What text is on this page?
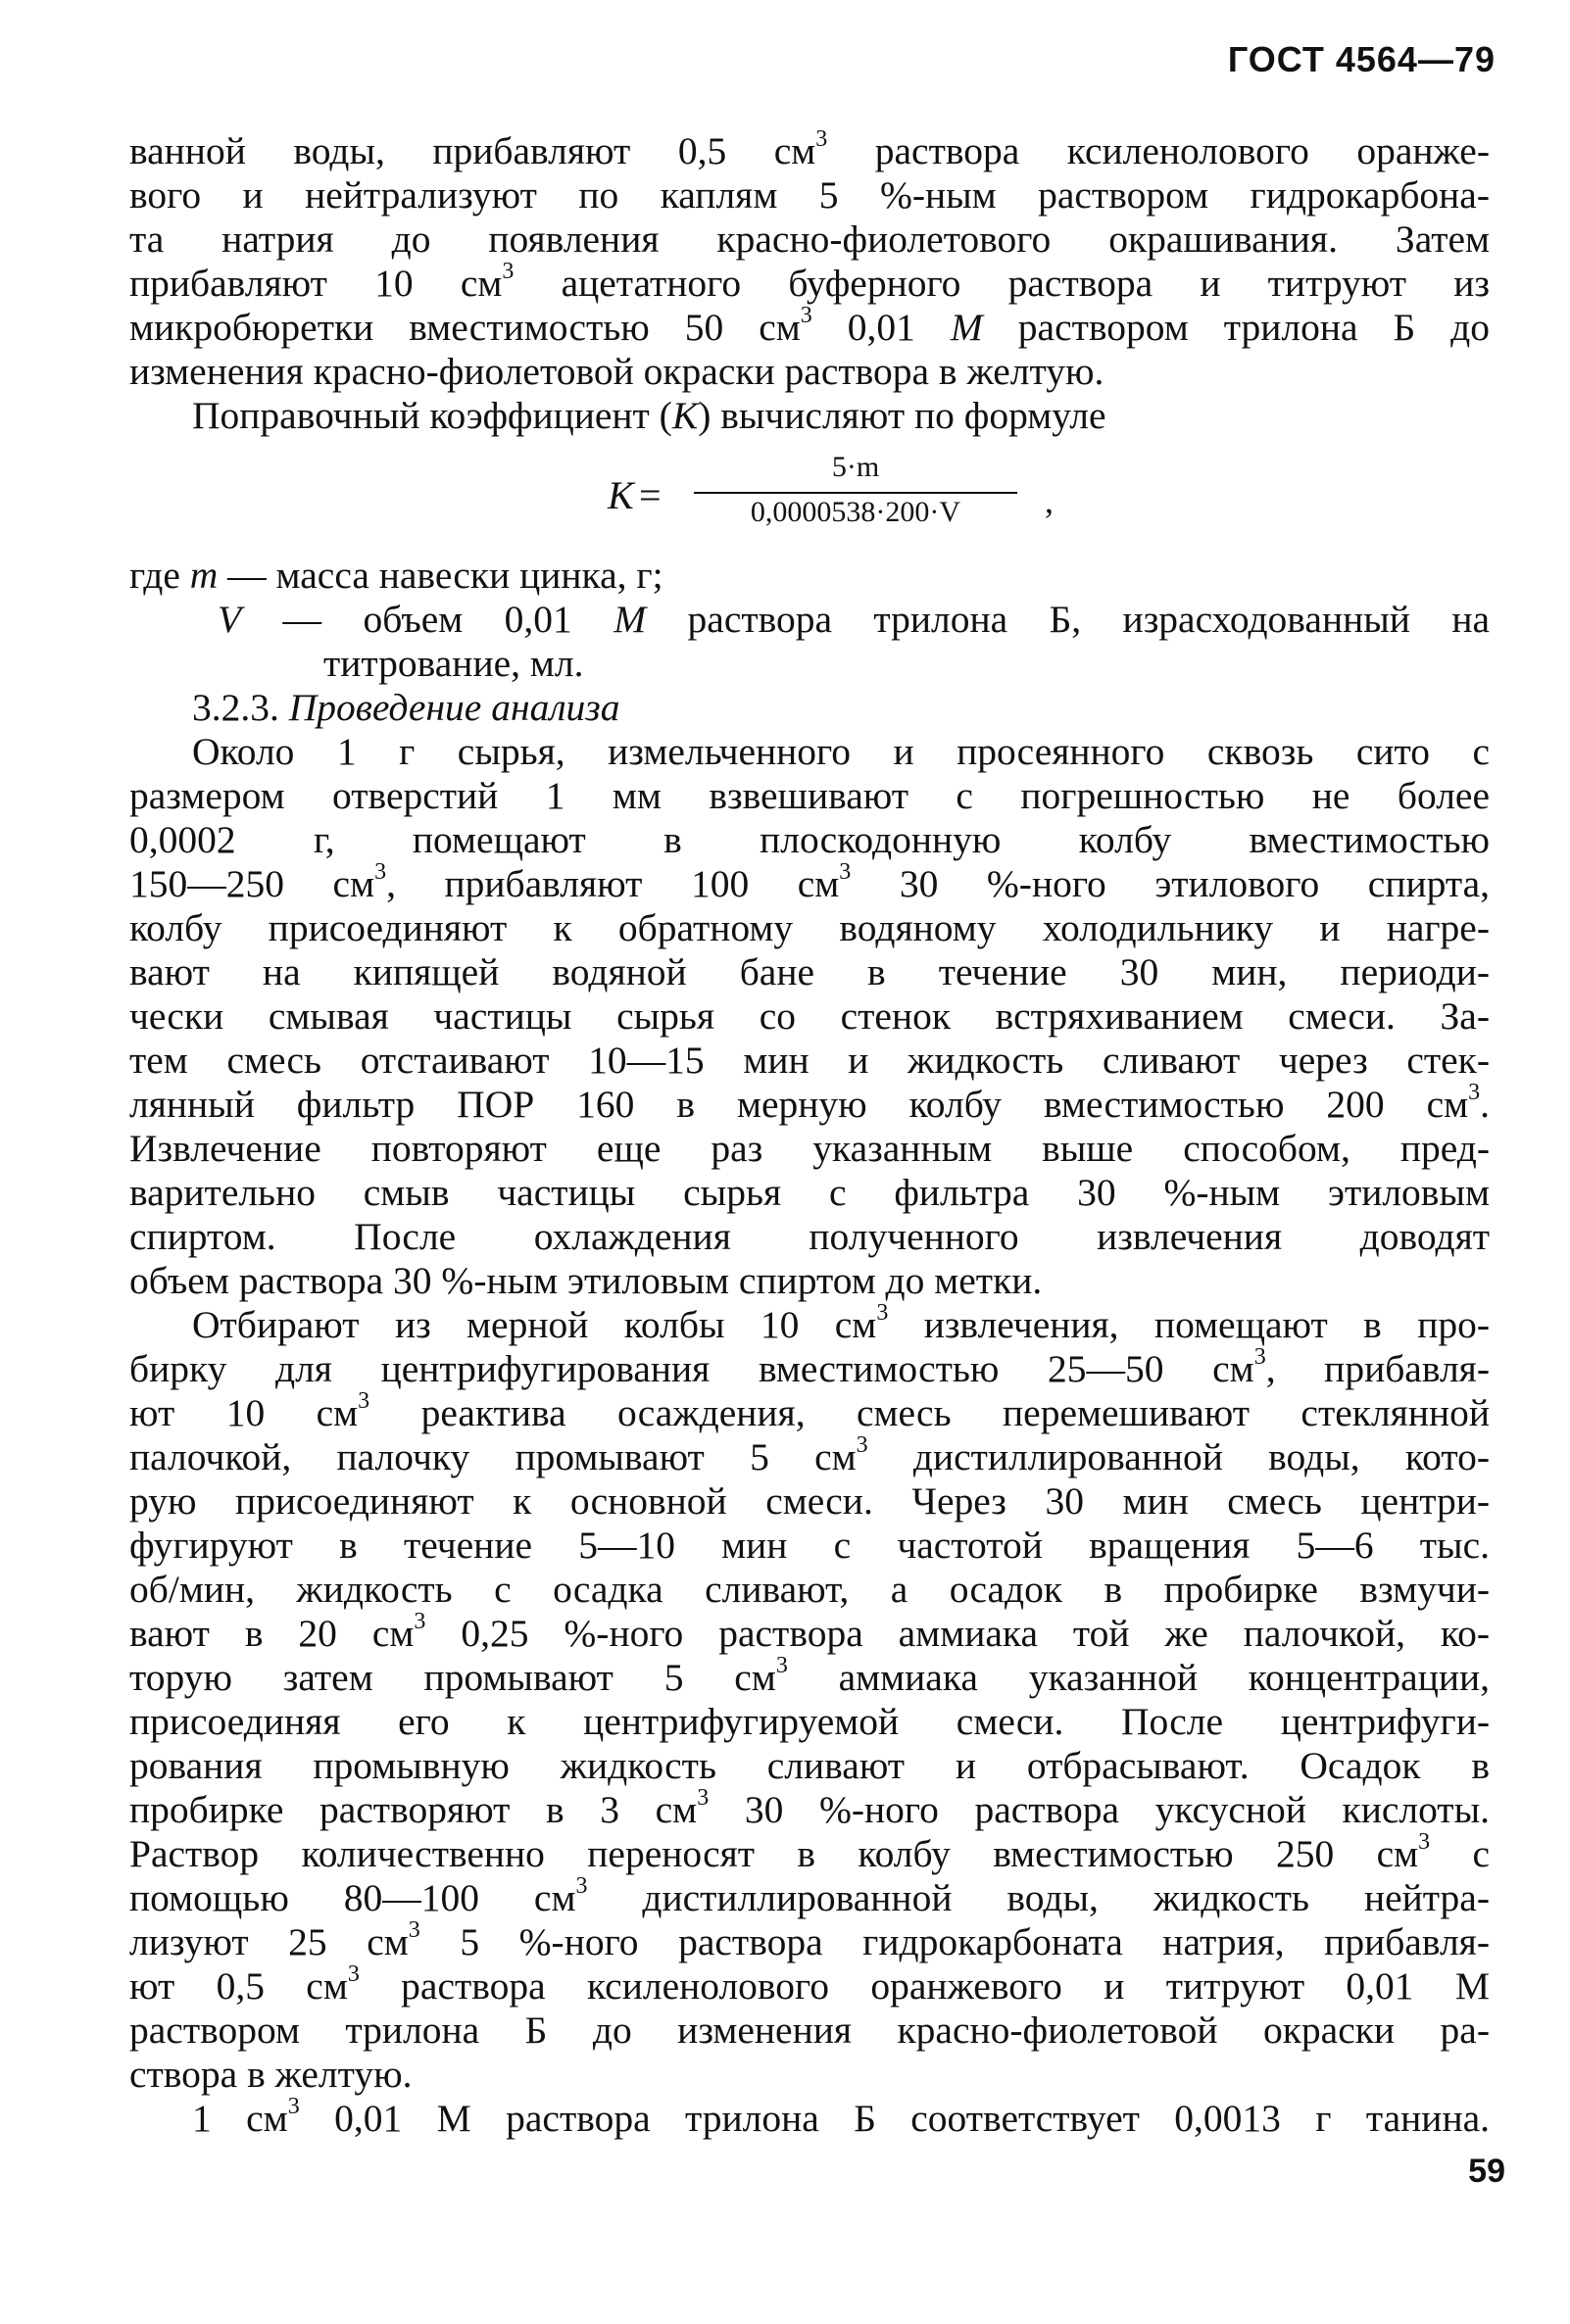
ГОСТ 4564—79
ванной воды, прибавляют 0,5 $см^3$ раствора ксиленолового оранже-
вого и нейтрализуют по каплям 5 %-ным раствором гидрокарбона-
та натрия до появления красно-фиолетового окрашивания. Затем
прибавляют 10 $см^3$ ацетатного буферного раствора и титруют из
микробюретки вместимостью 50 $см^3$ 0,01 М раствором трилона Б до
изменения красно-фиолетовой окраски раствора в желтую.
Поправочный коэффициент (K) вычисляют по формуле
K =
5·m
0,0000538·200·V	,
где m — масса навески цинка, г;
V — объем 0,01 М раствора трилона Б, израсходованный на
титрование, мл.
3.2.3. Проведение анализа
Около 1 г сырья, измельченного и просеянного сквозь сито с
размером отверстий 1 мм взвешивают с погрешностью не более
0,0002 г, помещают в плоскодонную колбу вместимостью
150—250 $см^3$, прибавляют 100 $см^3$ 30 %-ного этилового спирта,
колбу присоединяют к обратному водяному холодильнику и нагре-
вают на кипящей водяной бане в течение 30 мин, периоди-
чески смывая частицы сырья со стенок встряхиванием смеси. За-
тем смесь отстаивают 10—15 мин и жидкость сливают через стек-
лянный фильтр ПОР 160 в мерную колбу вместимостью 200 $см^3$.
Извлечение повторяют еще раз указанным выше способом, пред-
варительно смыв частицы сырья с фильтра 30 %-ным этиловым
спиртом. После охлаждения полученного извлечения доводят
объем раствора 30 %-ным этиловым спиртом до метки.
Отбирают из мерной колбы 10 $см^3$ извлечения, помещают в про-
бирку для центрифугирования вместимостью 25—50 $см^3$, прибавля-
ют 10 $см^3$ реактива осаждения, смесь перемешивают стеклянной
палочкой, палочку промывают 5 $см^3$ дистиллированной воды, кото-
рую присоединяют к основной смеси. Через 30 мин смесь центри-
фугируют в течение 5—10 мин с частотой вращения 5—6 тыс.
об/мин, жидкость с осадка сливают, а осадок в пробирке взмучи-
вают в 20 $см^3$ 0,25 %-ного раствора аммиака той же палочкой, ко-
торую затем промывают 5 $см^3$ аммиака указанной концентрации,
присоединяя его к центрифугируемой смеси. После центрифуги-
рования промывную жидкость сливают и отбрасывают. Осадок в
пробирке растворяют в 3 $см^3$ 30 %-ного раствора уксусной кислоты.
Раствор количественно переносят в колбу вместимостью 250 $см^3$ с
помощью 80—100 $см^3$ дистиллированной воды, жидкость нейтра-
лизуют 25 $см^3$ 5 %-ного раствора гидрокарбоната натрия, прибавля-
ют 0,5 $см^3$ раствора ксиленолового оранжевого и титруют 0,01 М
раствором трилона Б до изменения красно-фиолетовой окраски ра-
створа в желтую.
1 $см^3$ 0,01 М раствора трилона Б соответствует 0,0013 г танина.
59
